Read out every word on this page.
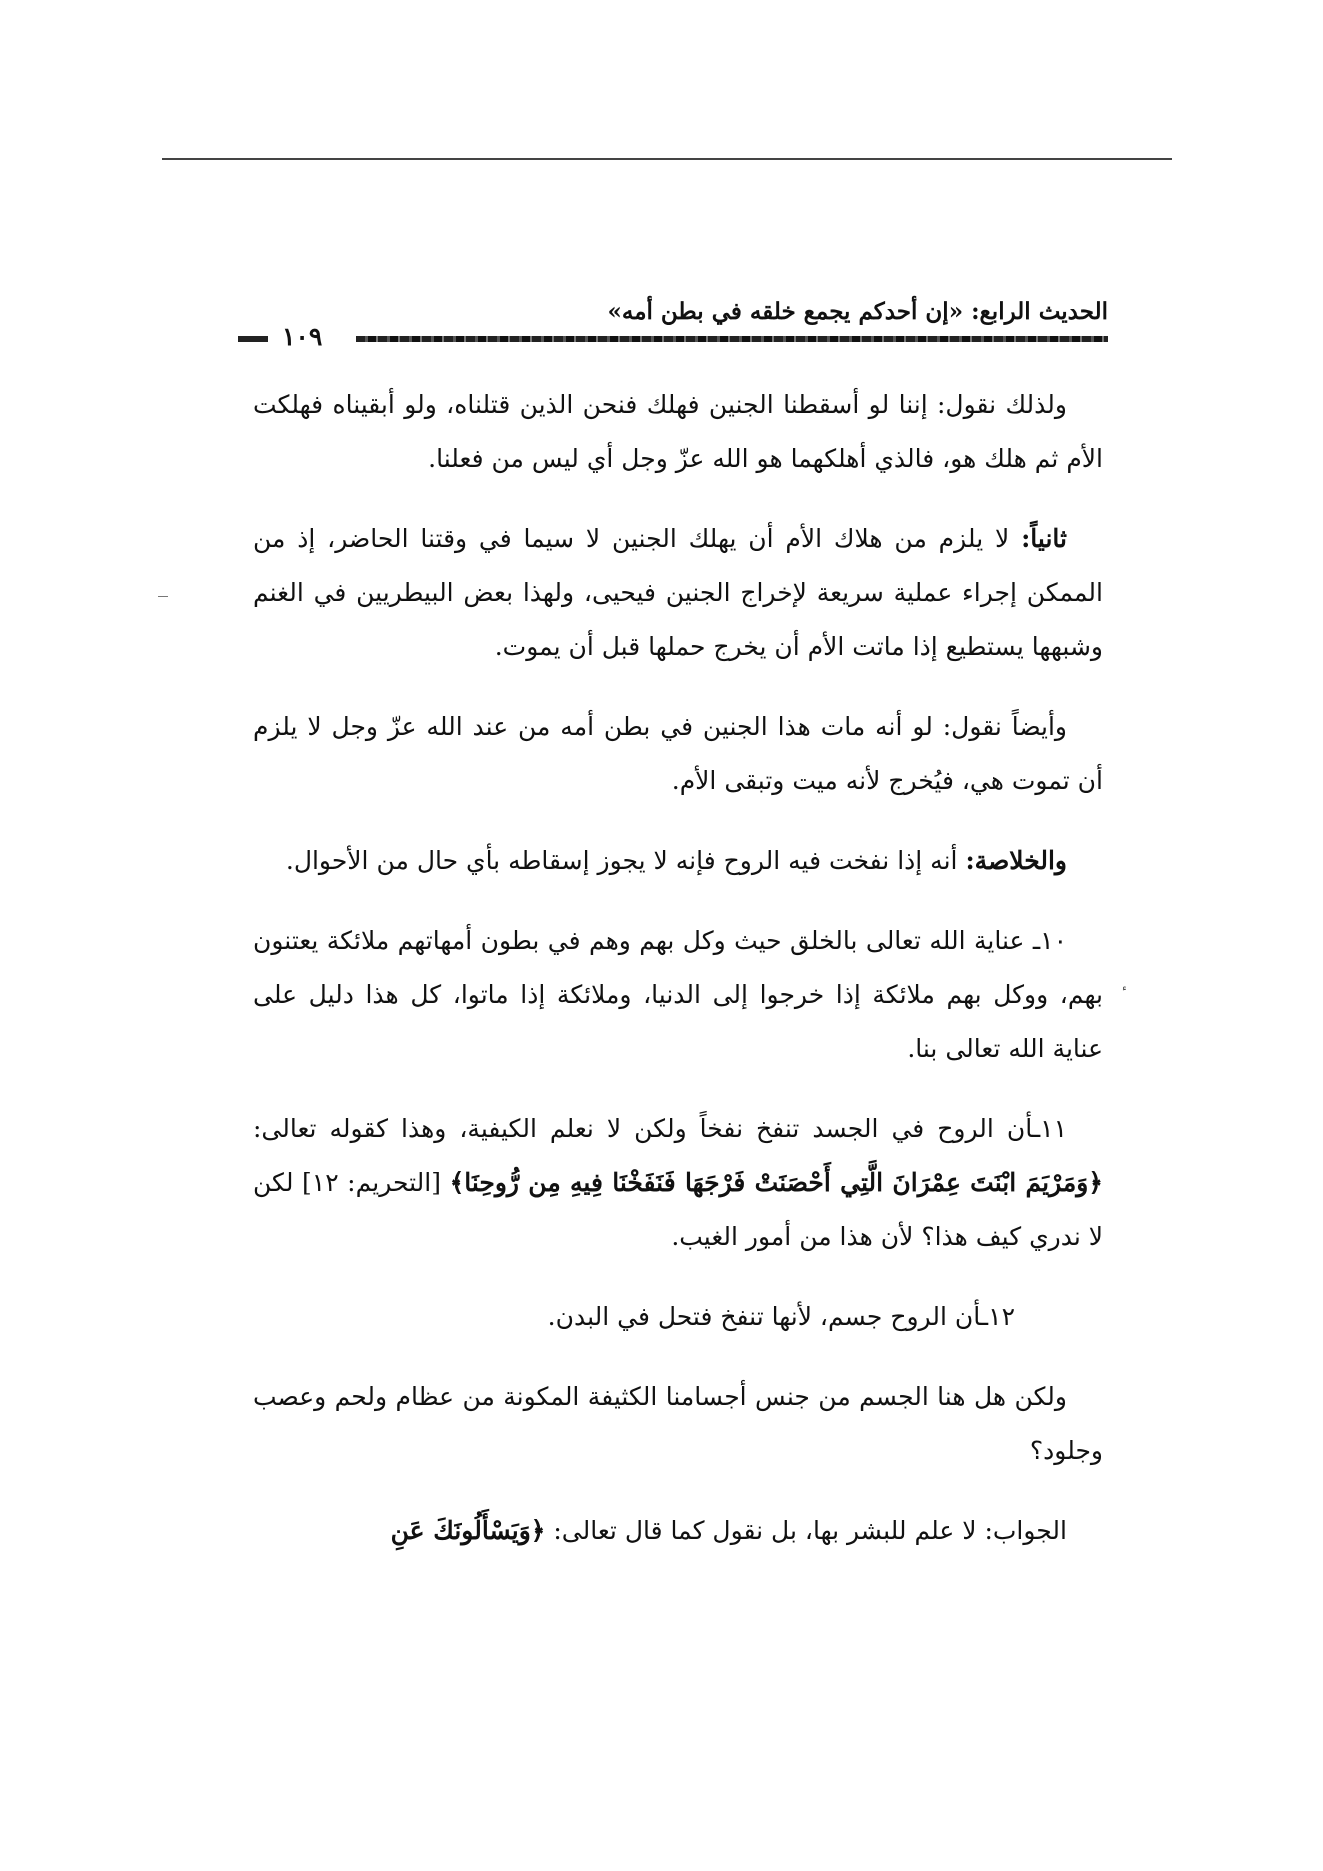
الحديث الرابع: «إن أحدكم يجمع خلقه في بطن أمه»
١٠٩

ولذلك نقول: إننا لو أسقطنا الجنين فهلك فنحن الذين قتلناه، ولو أبقيناه فهلكت الأم ثم هلك هو، فالذي أهلكهما هو الله عزّ وجل أي ليس من فعلنا.

ثانياً: لا يلزم من هلاك الأم أن يهلك الجنين لا سيما في وقتنا الحاضر، إذ من الممكن إجراء عملية سريعة لإخراج الجنين فيحيى، ولهذا بعض البيطريين في الغنم وشبهها يستطيع إذا ماتت الأم أن يخرج حملها قبل أن يموت.

وأيضاً نقول: لو أنه مات هذا الجنين في بطن أمه من عند الله عزّ وجل لا يلزم أن تموت هي، فيُخرج لأنه ميت وتبقى الأم.

والخلاصة: أنه إذا نفخت فيه الروح فإنه لا يجوز إسقاطه بأي حال من الأحوال.

١٠ـ عناية الله تعالى بالخلق حيث وكل بهم وهم في بطون أمهاتهم ملائكة يعتنون بهم، ووكل بهم ملائكة إذا خرجوا إلى الدنيا، وملائكة إذا ماتوا، كل هذا دليل على عناية الله تعالى بنا.

١١ـأن الروح في الجسد تنفخ نفخاً ولكن لا نعلم الكيفية، وهذا كقوله تعالى: ﴿وَمَرْيَمَ ابْنَتَ عِمْرَانَ الَّتِي أَحْصَنَتْ فَرْجَهَا فَنَفَخْنَا فِيهِ مِن رُّوحِنَا﴾ [التحريم: ١٢] لكن لا ندري كيف هذا؟ لأن هذا من أمور الغيب.

١٢ـأن الروح جسم، لأنها تنفخ فتحل في البدن.

ولكن هل هنا الجسم من جنس أجسامنا الكثيفة المكونة من عظام ولحم وعصب وجلود؟

الجواب: لا علم للبشر بها، بل نقول كما قال تعالى: ﴿وَيَسْأَلُونَكَ عَنِ
